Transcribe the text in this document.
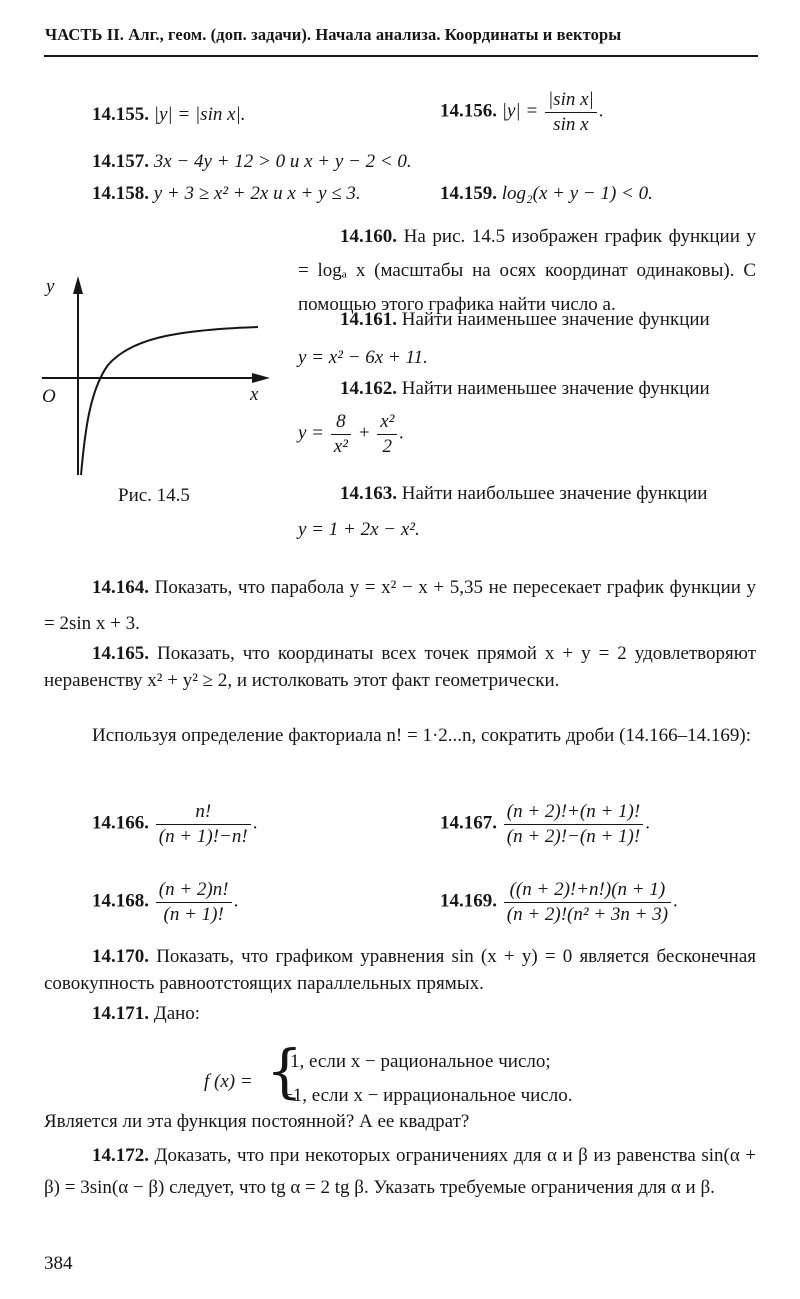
ЧАСТЬ II. Алг., геом. (доп. задачи). Начала анализа. Координаты и векторы
14.155. |y| = |sin x|.	14.156. $|y| = \frac{\text{|sin x|}}{\text{sin x}}$ .
14.157. 3x − 4y + 12 > 0 и x + y − 2 < 0.
14.158. y + 3 ≥ x² + 2x и x + y ≤ 3.	14.159. log₂(x + y − 1) < 0.
y
x
O
Рис. 14.5
14.160. На рис. 14.5 изображен график функции y = logₐ x (масштабы на осях координат одинаковы). С помощью этого графика найти число a.
14.161. Найти наименьшее значение функции
y = x² − 6x + 11.
14.162. Найти наименьшее значение функции
$y = \frac{8}{\text{x²}} + \frac{\text{x²}}{2}$ .
14.163. Найти наибольшее значение функции
y = 1 + 2x − x².
14.164. Показать, что парабола y = x² − x + 5,35 не пересекает график функции y = 2sin x + 3.
14.165. Показать, что координаты всех точек прямой x + y = 2 удовлетворяют неравенству x² + y² ≥ 2, и истолковать этот факт геометрически.
Используя определение факториала n! = 1·2...n, сократить дроби (14.166–14.169):
14.166. $\frac{n!}{(n + 1)!-n!}$ .	14.167. $\frac{(n + 2)!+(n + 1)!}{(n + 2)!-(n + 1)!}$ .
14.168. $\frac{(n + 2)n!}{(n + 1)!}$ .	14.169. $\frac{((n + 2)!+n!)(n + 1)}{\text{(n + 2)!(n² + 3n + 3)}}$ .
14.170. Показать, что графиком уравнения sin (x + y) = 0 является бесконечная совокупность равноотстоящих параллельных прямых.
14.171. Дано:
f (x) = {
1, если x − рациональное число;
−1, если x − иррациональное число.
Является ли эта функция постоянной? А ее квадрат?
14.172. Доказать, что при некоторых ограничениях для α и β из равенства sin(α + β) = 3sin(α − β) следует, что tg α = 2 tg β. Указать требуемые ограничения для α и β.
384
